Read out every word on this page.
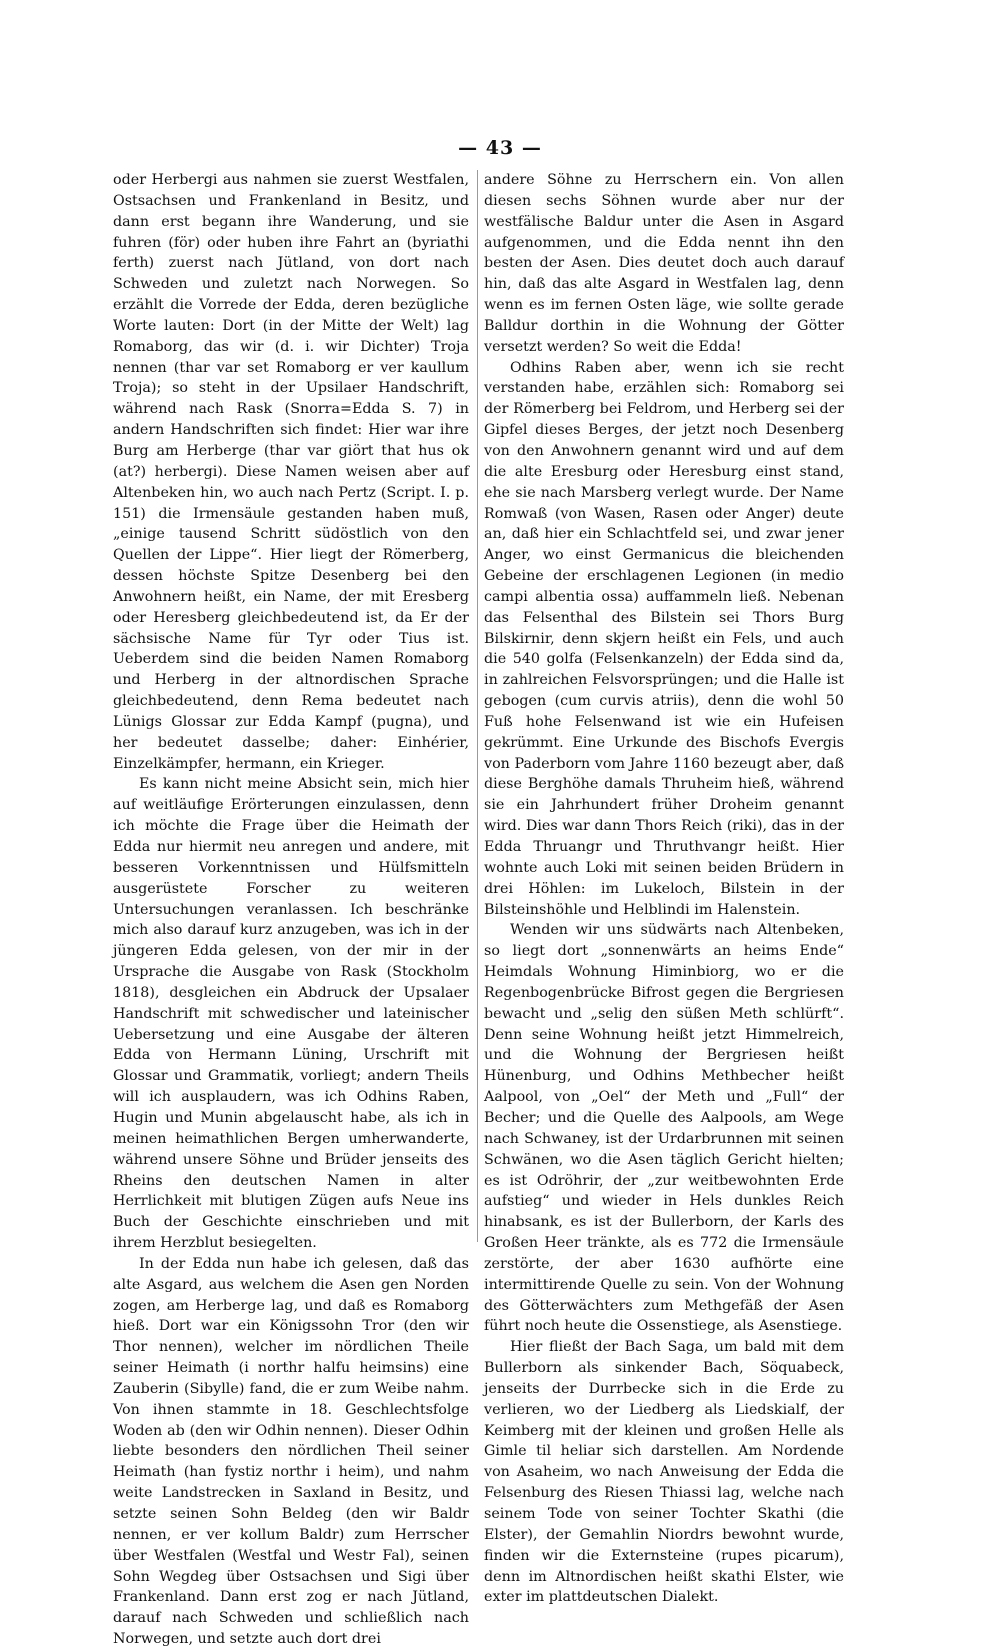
— 43 —

oder Herbergi aus nahmen sie zuerst Westfalen, Ostsachsen und Frankenland in Besitz, und dann erst begann ihre Wanderung, und sie fuhren (för) oder huben ihre Fahrt an (byriathi ferth) zuerst nach Jütland, von dort nach Schweden und zuletzt nach Norwegen. So erzählt die Vorrede der Edda, deren bezügliche Worte lauten: Dort (in der Mitte der Welt) lag Romaborg, das wir (d. i. wir Dichter) Troja nennen (thar var set Romaborg er ver kaullum Troja); so steht in der Upsilaer Handschrift, während nach Rask (Snorra=Edda S. 7) in andern Handschriften sich findet: Hier war ihre Burg am Herberge (thar var giört that hus ok (at?) herbergi). Diese Namen weisen aber auf Altenbeken hin, wo auch nach Pertz (Script. I. p. 151) die Irmensäule gestanden haben muß, „einige tausend Schritt südöstlich von den Quellen der Lippe“. Hier liegt der Römerberg, dessen höchste Spitze Desenberg bei den Anwohnern heißt, ein Name, der mit Eresberg oder Heresberg gleichbedeutend ist, da Er der sächsische Name für Tyr oder Tius ist. Ueberdem sind die beiden Namen Romaborg und Herberg in der altnordischen Sprache gleichbedeutend, denn Rema bedeutet nach Lünigs Glossar zur Edda Kampf (pugna), und her bedeutet dasselbe; daher: Einhérier, Einzelkämpfer, hermann, ein Krieger.

Es kann nicht meine Absicht sein, mich hier auf weitläufige Erörterungen einzulassen, denn ich möchte die Frage über die Heimath der Edda nur hiermit neu anregen und andere, mit besseren Vorkenntnissen und Hülfsmitteln ausgerüstete Forscher zu weiteren Untersuchungen veranlassen. Ich beschränke mich also darauf kurz anzugeben, was ich in der jüngeren Edda gelesen, von der mir in der Ursprache die Ausgabe von Rask (Stockholm 1818), desgleichen ein Abdruck der Upsalaer Handschrift mit schwedischer und lateinischer Uebersetzung und eine Ausgabe der älteren Edda von Hermann Lüning, Urschrift mit Glossar und Grammatik, vorliegt; andern Theils will ich ausplaudern, was ich Odhins Raben, Hugin und Munin abgelauscht habe, als ich in meinen heimathlichen Bergen umherwanderte, während unsere Söhne und Brüder jenseits des Rheins den deutschen Namen in alter Herrlichkeit mit blutigen Zügen aufs Neue ins Buch der Geschichte einschrieben und mit ihrem Herzblut besiegelten.

In der Edda nun habe ich gelesen, daß das alte Asgard, aus welchem die Asen gen Norden zogen, am Herberge lag, und daß es Romaborg hieß. Dort war ein Königssohn Tror (den wir Thor nennen), welcher im nördlichen Theile seiner Heimath (i northr halfu heimsins) eine Zauberin (Sibylle) fand, die er zum Weibe nahm. Von ihnen stammte in 18. Geschlechtsfolge Woden ab (den wir Odhin nennen). Dieser Odhin liebte besonders den nördlichen Theil seiner Heimath (han fystiz northr i heim), und nahm weite Landstrecken in Saxland in Besitz, und setzte seinen Sohn Beldeg (den wir Baldr nennen, er ver kollum Baldr) zum Herrscher über Westfalen (Westfal und Westr Fal), seinen Sohn Wegdeg über Ostsachsen und Sigi über Frankenland. Dann erst zog er nach Jütland, darauf nach Schweden und schließlich nach Norwegen, und setzte auch dort drei

andere Söhne zu Herrschern ein. Von allen diesen sechs Söhnen wurde aber nur der westfälische Baldur unter die Asen in Asgard aufgenommen, und die Edda nennt ihn den besten der Asen. Dies deutet doch auch darauf hin, daß das alte Asgard in Westfalen lag, denn wenn es im fernen Osten läge, wie sollte gerade Balldur dorthin in die Wohnung der Götter versetzt werden? So weit die Edda!

Odhins Raben aber, wenn ich sie recht verstanden habe, erzählen sich: Romaborg sei der Römerberg bei Feldrom, und Herberg sei der Gipfel dieses Berges, der jetzt noch Desenberg von den Anwohnern genannt wird und auf dem die alte Eresburg oder Heresburg einst stand, ehe sie nach Marsberg verlegt wurde. Der Name Romwaß (von Wasen, Rasen oder Anger) deute an, daß hier ein Schlachtfeld sei, und zwar jener Anger, wo einst Germanicus die bleichenden Gebeine der erschlagenen Legionen (in medio campi albentia ossa) auffammeln ließ. Nebenan das Felsenthal des Bilstein sei Thors Burg Bilskirnir, denn skjern heißt ein Fels, und auch die 540 golfa (Felsenkanzeln) der Edda sind da, in zahlreichen Felsvorsprüngen; und die Halle ist gebogen (cum curvis atriis), denn die wohl 50 Fuß hohe Felsenwand ist wie ein Hufeisen gekrümmt. Eine Urkunde des Bischofs Evergis von Paderborn vom Jahre 1160 bezeugt aber, daß diese Berghöhe damals Thruheim hieß, während sie ein Jahrhundert früher Droheim genannt wird. Dies war dann Thors Reich (riki), das in der Edda Thruangr und Thruthvangr heißt. Hier wohnte auch Loki mit seinen beiden Brüdern in drei Höhlen: im Lukeloch, Bilstein in der Bilsteinshöhle und Helblindi im Halenstein.

Wenden wir uns südwärts nach Altenbeken, so liegt dort „sonnenwärts an heims Ende“ Heimdals Wohnung Himinbiorg, wo er die Regenbogenbrücke Bifrost gegen die Bergriesen bewacht und „selig den süßen Meth schlürft“. Denn seine Wohnung heißt jetzt Himmelreich, und die Wohnung der Bergriesen heißt Hünenburg, und Odhins Methbecher heißt Aalpool, von „Oel“ der Meth und „Full“ der Becher; und die Quelle des Aalpools, am Wege nach Schwaney, ist der Urdarbrunnen mit seinen Schwänen, wo die Asen täglich Gericht hielten; es ist Odröhrir, der „zur weitbewohnten Erde aufstieg“ und wieder in Hels dunkles Reich hinabsank, es ist der Bullerborn, der Karls des Großen Heer tränkte, als es 772 die Irmensäule zerstörte, der aber 1630 aufhörte eine intermittirende Quelle zu sein. Von der Wohnung des Götterwächters zum Methgefäß der Asen führt noch heute die Ossenstiege, als Asenstiege.

Hier fließt der Bach Saga, um bald mit dem Bullerborn als sinkender Bach, Söquabeck, jenseits der Durrbecke sich in die Erde zu verlieren, wo der Liedberg als Liedskialf, der Keimberg mit der kleinen und großen Helle als Gimle til heliar sich darstellen. Am Nordende von Asaheim, wo nach Anweisung der Edda die Felsenburg des Riesen Thiassi lag, welche nach seinem Tode von seiner Tochter Skathi (die Elster), der Gemahlin Niordrs bewohnt wurde, finden wir die Externsteine (rupes picarum), denn im Altnordischen heißt skathi Elster, wie exter im plattdeutschen Dialekt.
